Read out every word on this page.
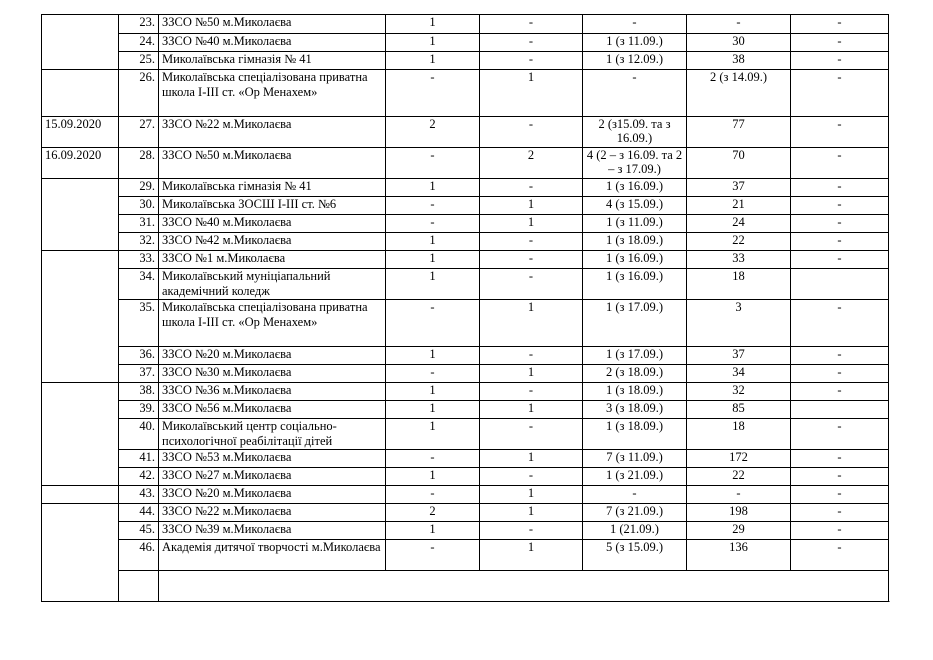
	23.	ЗЗСО №50 м.Миколаєва	1	-	-	-	-
	24.	ЗЗСО №40 м.Миколаєва	1	-	1 (з 11.09.)	30	-
	25.	Миколаївська гімназія № 41	1	-	1 (з 12.09.)	38	-
	26.	Миколаївська спеціалізована приватна школа І-ІІІ ст. «Ор Менахем»	-	1	-	2 (з 14.09.)	-
15.09.2020	27.	ЗЗСО №22 м.Миколаєва	2	-	2 (з15.09. та з 16.09.)	77	-
16.09.2020	28.	ЗЗСО №50 м.Миколаєва	-	2	4 (2 – з 16.09. та 2 – з 17.09.)	70	-
	29.	Миколаївська гімназія № 41	1	-	1 (з 16.09.)	37	-
	30.	Миколаївська ЗОСШ І-ІІІ ст. №6	-	1	4 (з 15.09.)	21	-
	31.	ЗЗСО №40 м.Миколаєва	-	1	1 (з 11.09.)	24	-
	32.	ЗЗСО №42 м.Миколаєва	1	-	1 (з 18.09.)	22	-
	33.	ЗЗСО №1 м.Миколаєва	1	-	1 (з 16.09.)	33	-
	34.	Миколаївський муніціапальний академічний коледж	1	-	1 (з 16.09.)	18	
	35.	Миколаївська спеціалізована приватна школа І-ІІІ ст. «Ор Менахем»	-	1	1 (з 17.09.)	3	-
	36.	ЗЗСО №20 м.Миколаєва	1	-	1 (з 17.09.)	37	-
	37.	ЗЗСО №30 м.Миколаєва	-	1	2 (з 18.09.)	34	-
	38.	ЗЗСО №36 м.Миколаєва	1	-	1 (з 18.09.)	32	-
	39.	ЗЗСО №56 м.Миколаєва	1	1	3 (з 18.09.)	85	
	40.	Миколаївський центр соціально-психологічної реабілітації дітей	1	-	1 (з 18.09.)	18	-
	41.	ЗЗСО №53 м.Миколаєва	-	1	7 (з 11.09.)	172	-
	42.	ЗЗСО №27 м.Миколаєва	1	-	1 (з 21.09.)	22	-
	43.	ЗЗСО №20 м.Миколаєва	-	1	-	-	-
	44.	ЗЗСО №22 м.Миколаєва	2	1	7 (з 21.09.)	198	-
	45.	ЗЗСО №39 м.Миколаєва	1	-	1 (21.09.)	29	-
	46.	Академія дитячої творчості м.Миколаєва	-	1	5 (з 15.09.)	136	-
